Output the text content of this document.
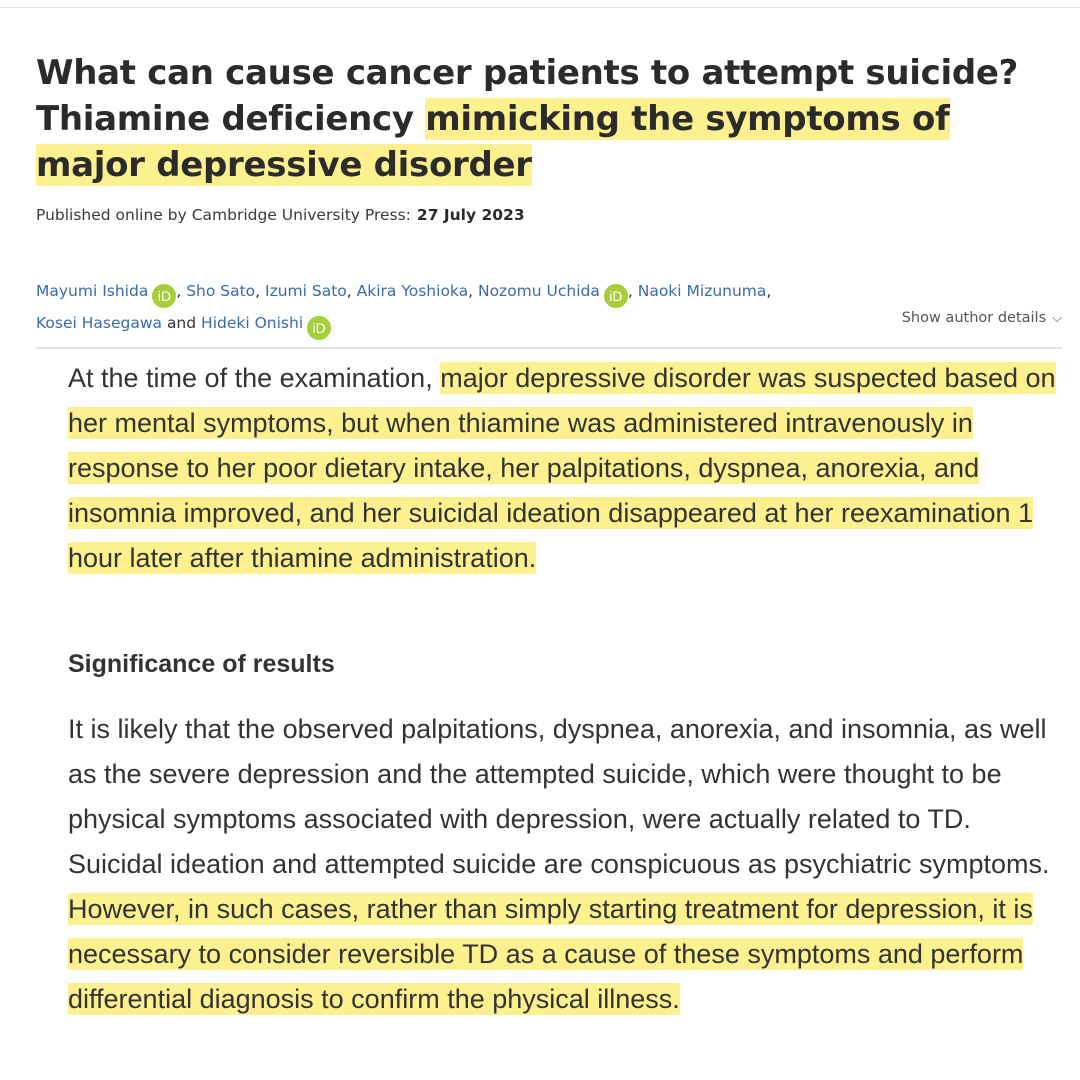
What can cause cancer patients to attempt suicide? Thiamine deficiency mimicking the symptoms of major depressive disorder
Published online by Cambridge University Press: 27 July 2023
Mayumi Ishida iD , Sho Sato, Izumi Sato, Akira Yoshioka, Nozomu Uchida iD , Naoki Mizunuma,
Kosei Hasegawa and Hideki Onishi iD
Show author details ⌵

At the time of the examination, major depressive disorder was suspected based on her mental symptoms, but when thiamine was administered intravenously in response to her poor dietary intake, her palpitations, dyspnea, anorexia, and insomnia improved, and her suicidal ideation disappeared at her reexamination 1 hour later after thiamine administration.

Significance of results

It is likely that the observed palpitations, dyspnea, anorexia, and insomnia, as well as the severe depression and the attempted suicide, which were thought to be physical symptoms associated with depression, were actually related to TD. Suicidal ideation and attempted suicide are conspicuous as psychiatric symptoms. However, in such cases, rather than simply starting treatment for depression, it is necessary to consider reversible TD as a cause of these symptoms and perform differential diagnosis to confirm the physical illness.
